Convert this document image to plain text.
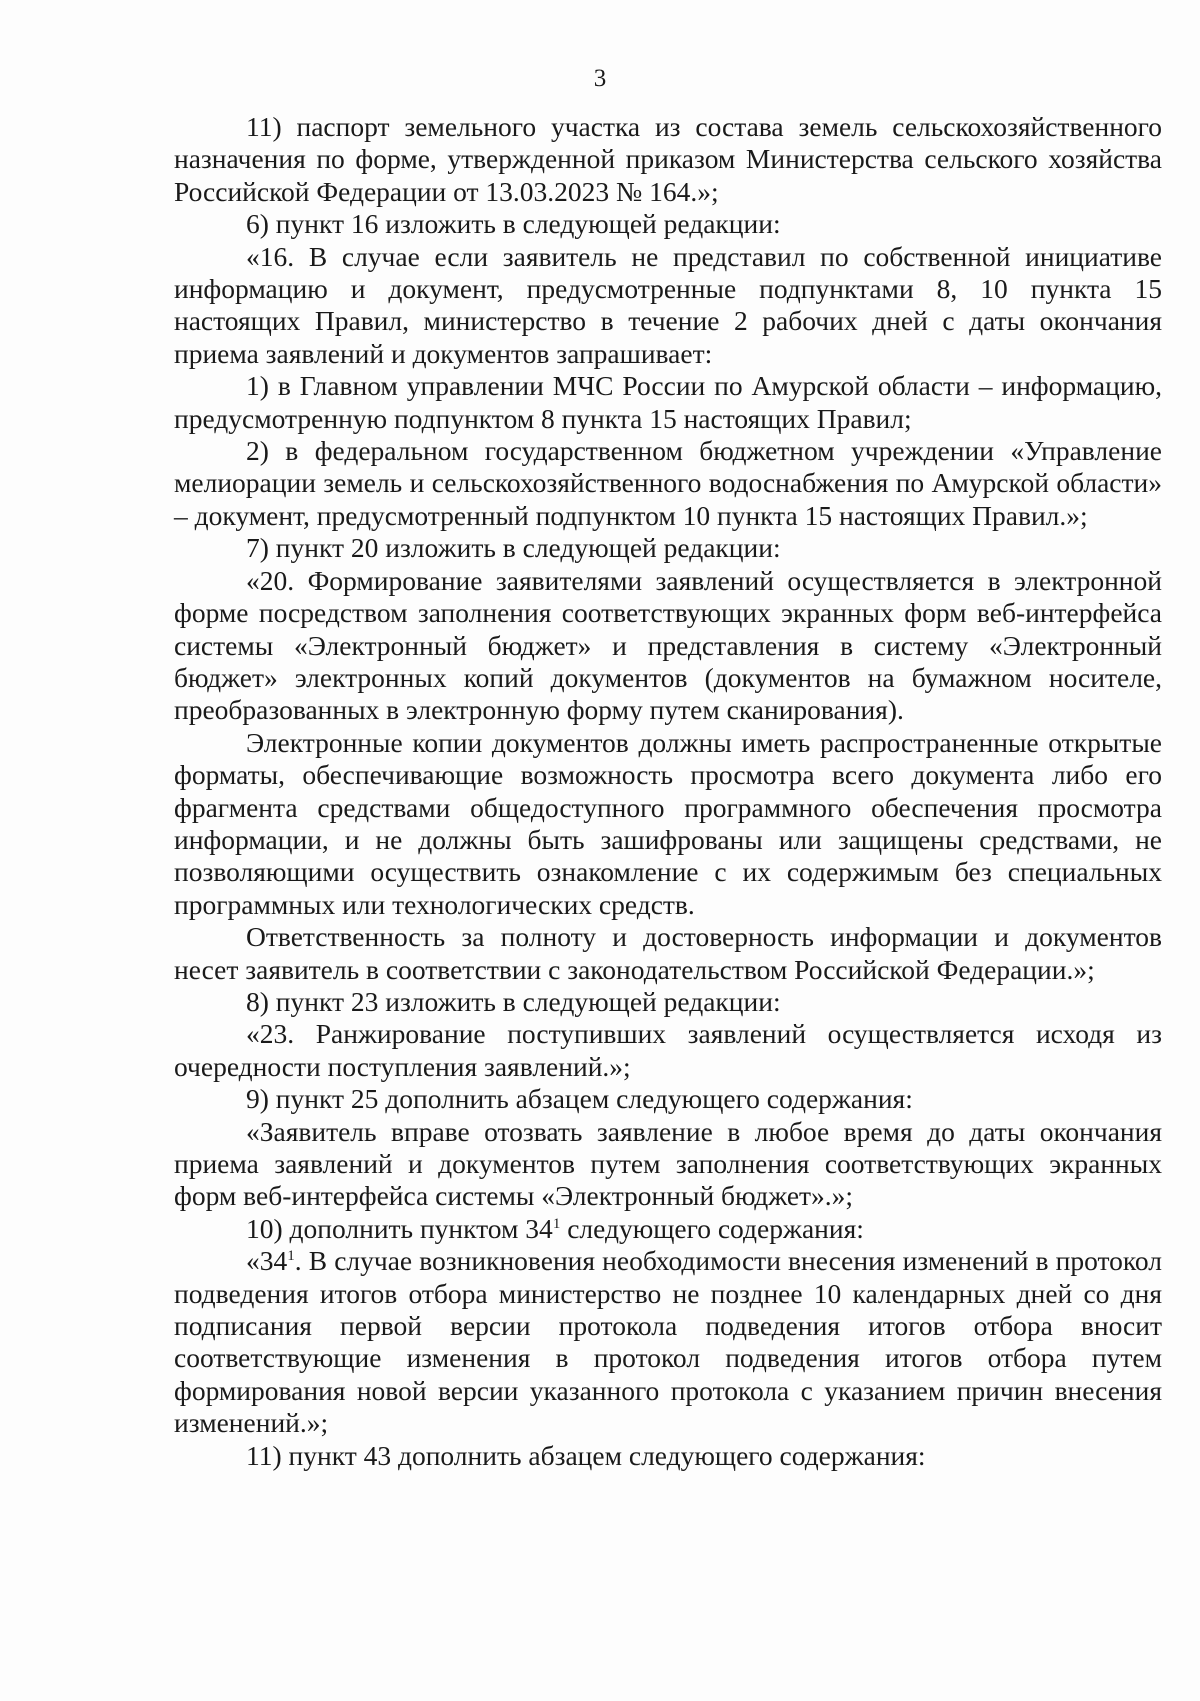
3

11) паспорт земельного участка из состава земель сельскохозяйственного назначения по форме, утвержденной приказом Министерства сельского хозяйства Российской Федерации от 13.03.2023 № 164.»;

6) пункт 16 изложить в следующей редакции:

«16. В случае если заявитель не представил по собственной инициативе информацию и документ, предусмотренные подпунктами 8, 10 пункта 15 настоящих Правил, министерство в течение 2 рабочих дней с даты окончания приема заявлений и документов запрашивает:

1) в Главном управлении МЧС России по Амурской области – информацию, предусмотренную подпунктом 8 пункта 15 настоящих Правил;

2) в федеральном государственном бюджетном учреждении «Управление мелиорации земель и сельскохозяйственного водоснабжения по Амурской области» – документ, предусмотренный подпунктом 10 пункта 15 настоящих Правил.»;

7) пункт 20 изложить в следующей редакции:

«20. Формирование заявителями заявлений осуществляется в электронной форме посредством заполнения соответствующих экранных форм веб-интерфейса системы «Электронный бюджет» и представления в систему «Электронный бюджет» электронных копий документов (документов на бумажном носителе, преобразованных в электронную форму путем сканирования).

Электронные копии документов должны иметь распространенные открытые форматы, обеспечивающие возможность просмотра всего документа либо его фрагмента средствами общедоступного программного обеспечения просмотра информации, и не должны быть зашифрованы или защищены средствами, не позволяющими осуществить ознакомление с их содержимым без специальных программных или технологических средств.

Ответственность за полноту и достоверность информации и документов несет заявитель в соответствии с законодательством Российской Федерации.»;

8) пункт 23 изложить в следующей редакции:

«23. Ранжирование поступивших заявлений осуществляется исходя из очередности поступления заявлений.»;

9) пункт 25 дополнить абзацем следующего содержания:

«Заявитель вправе отозвать заявление в любое время до даты окончания приема заявлений и документов путем заполнения соответствующих экранных форм веб-интерфейса системы «Электронный бюджет».»;

10) дополнить пунктом $34^1$ следующего содержания:

«$34^1$. В случае возникновения необходимости внесения изменений в протокол подведения итогов отбора министерство не позднее 10 календарных дней со дня подписания первой версии протокола подведения итогов отбора вносит соответствующие изменения в протокол подведения итогов отбора путем формирования новой версии указанного протокола с указанием причин внесения изменений.»;

11) пункт 43 дополнить абзацем следующего содержания:
